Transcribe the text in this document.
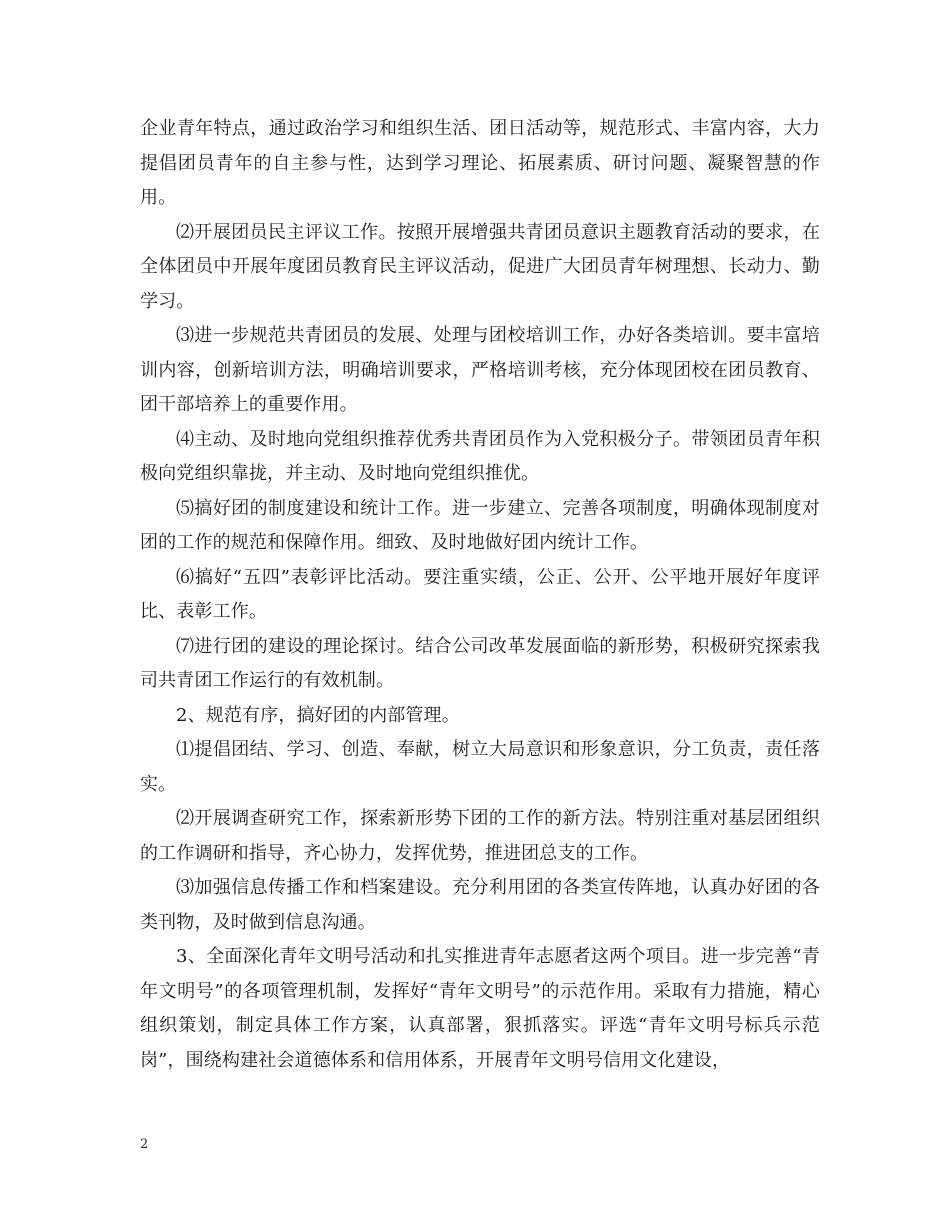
企业青年特点，通过政治学习和组织生活、团日活动等，规范形式、丰富内容，大力提倡团员青年的自主参与性，达到学习理论、拓展素质、研讨问题、凝聚智慧的作用。

⑵开展团员民主评议工作。按照开展增强共青团员意识主题教育活动的要求，在全体团员中开展年度团员教育民主评议活动，促进广大团员青年树理想、长动力、勤学习。

⑶进一步规范共青团员的发展、处理与团校培训工作，办好各类培训。要丰富培训内容，创新培训方法，明确培训要求，严格培训考核，充分体现团校在团员教育、团干部培养上的重要作用。

⑷主动、及时地向党组织推荐优秀共青团员作为入党积极分子。带领团员青年积极向党组织靠拢，并主动、及时地向党组织推优。

⑸搞好团的制度建设和统计工作。进一步建立、完善各项制度，明确体现制度对团的工作的规范和保障作用。细致、及时地做好团内统计工作。

⑹搞好“五四”表彰评比活动。要注重实绩，公正、公开、公平地开展好年度评比、表彰工作。

⑺进行团的建设的理论探讨。结合公司改革发展面临的新形势，积极研究探索我司共青团工作运行的有效机制。

2、规范有序，搞好团的内部管理。

⑴提倡团结、学习、创造、奉献，树立大局意识和形象意识，分工负责，责任落实。

⑵开展调查研究工作，探索新形势下团的工作的新方法。特别注重对基层团组织的工作调研和指导，齐心协力，发挥优势，推进团总支的工作。

⑶加强信息传播工作和档案建设。充分利用团的各类宣传阵地，认真办好团的各类刊物，及时做到信息沟通。

3、全面深化青年文明号活动和扎实推进青年志愿者这两个项目。进一步完善“青年文明号”的各项管理机制，发挥好“青年文明号”的示范作用。采取有力措施，精心组织策划，制定具体工作方案，认真部署，狠抓落实。评选“青年文明号标兵示范岗”，围绕构建社会道德体系和信用体系，开展青年文明号信用文化建设，

2
